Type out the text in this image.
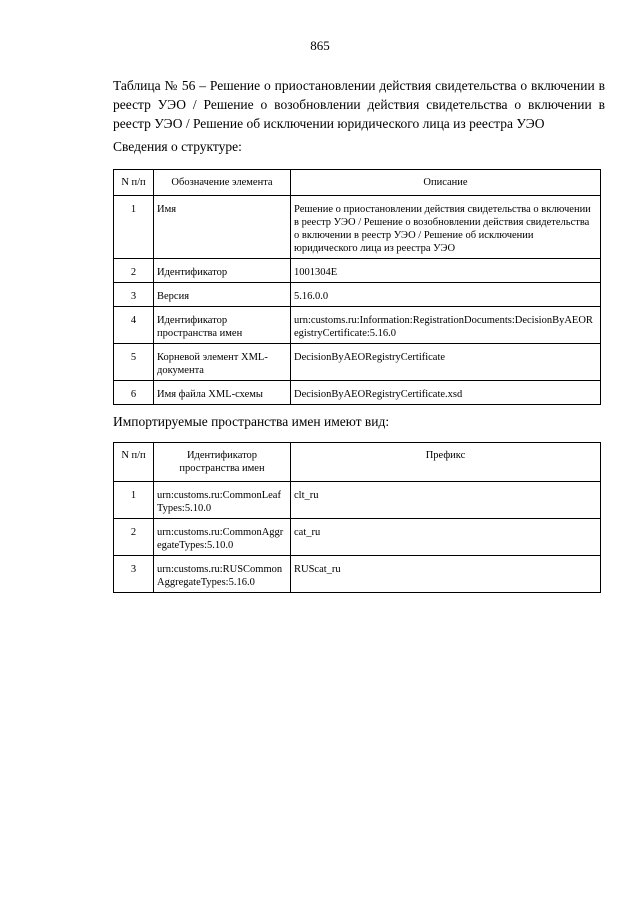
865
Таблица № 56 – Решение о приостановлении действия свидетельства о включении в реестр УЭО / Решение о возобновлении действия свидетельства о включении в реестр УЭО / Решение об исключении юридического лица из реестра УЭО
Сведения о структуре:
N п/п	Обозначение элемента	Описание
1	Имя	Решение о приостановлении действия свидетельства о включении в реестр УЭО / Решение о возобновлении действия свидетельства о включении в реестр УЭО / Решение об исключении юридического лица из реестра УЭО
2	Идентификатор	1001304E
3	Версия	5.16.0.0
4	Идентификатор пространства имен	urn:customs.ru:Information:RegistrationDocuments:DecisionByAEORegistryCertificate:5.16.0
5	Корневой элемент XML-документа	DecisionByAEORegistryCertificate
6	Имя файла XML-схемы	DecisionByAEORegistryCertificate.xsd
Импортируемые пространства имен имеют вид:
N п/п	Идентификатор пространства имен	Префикс
1	urn:customs.ru:CommonLeafTypes:5.10.0	clt_ru
2	urn:customs.ru:CommonAggregateTypes:5.10.0	cat_ru
3	urn:customs.ru:RUSCommonAggregateTypes:5.16.0	RUScat_ru
